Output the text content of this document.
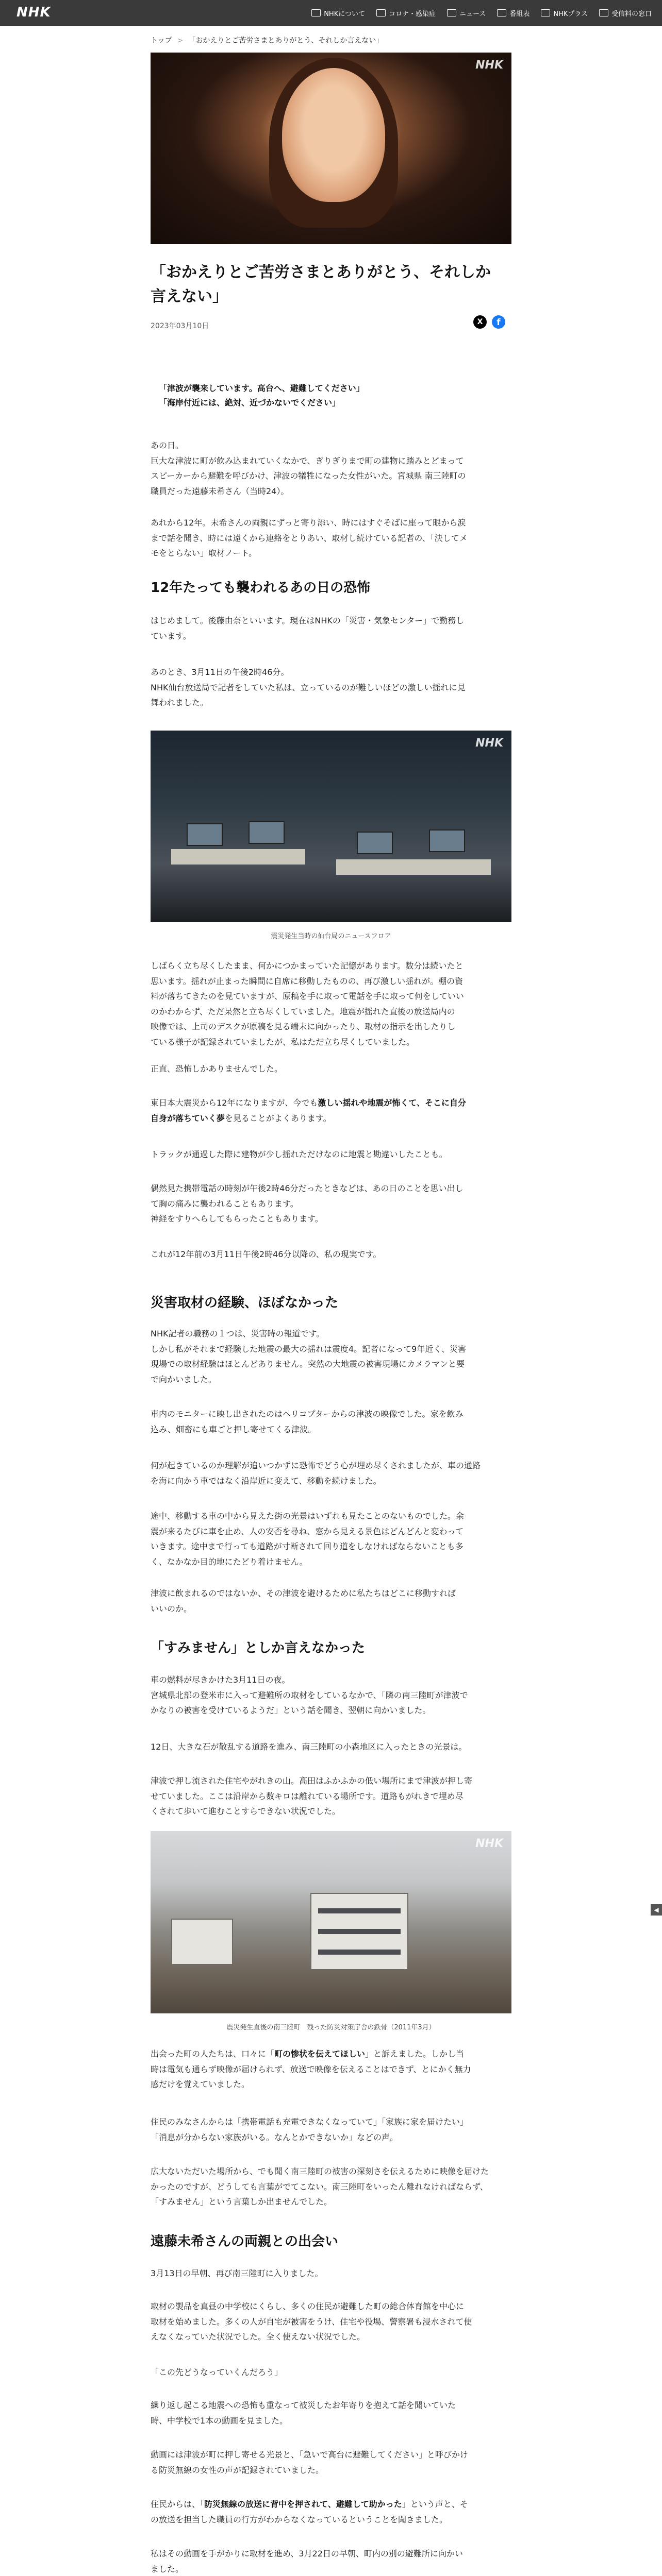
NHK	NHKについて	コロナ・感染症	ニュース	番組表	NHKプラス	受信料の窓口
トップ > 「おかえりとご苦労さまとありがとう、それしか言えない」
NHK
「おかえりとご苦労さまとありがとう、それしか
言えない」
2023年03月10日	X	f
「津波が襲来しています。高台へ、避難してください」
「海岸付近には、絶対、近づかないでください」
あの日。
巨大な津波に町が飲み込まれていくなかで、ぎりぎりまで町の建物に踏みとどまって
スピーカーから避難を呼びかけ、津波の犠牲になった女性がいた。宮城県 南三陸町の
職員だった遠藤未希さん（当時24）。
あれから12年。未希さんの両親にずっと寄り添い、時にはすぐそばに座って眼から涙
まで話を聞き、時には遠くから連絡をとりあい、取材し続けている記者の、「決してメ
モをとらない」取材ノート。
12年たっても襲われるあの日の恐怖
はじめまして。後藤由奈といいます。現在はNHKの「災害・気象センター」で勤務し
ています。
あのとき、3月11日の午後2時46分。
NHK仙台放送局で記者をしていた私は、立っているのが難しいほどの激しい揺れに見
舞われました。
NHK
震災発生当時の仙台局のニュースフロア
しばらく立ち尽くしたまま、何かにつかまっていた記憶があります。数分は続いたと
思います。揺れが止まった瞬間に自席に移動したものの、再び激しい揺れが。棚の資
料が落ちてきたのを見ていますが、原稿を手に取って電話を手に取って何をしていい
のかわからず、ただ呆然と立ち尽くしていました。地震が揺れた直後の放送局内の
映像では、上司のデスクが原稿を見る端末に向かったり、取材の指示を出したりし
ている様子が記録されていましたが、私はただ立ち尽くしていました。
正直、恐怖しかありませんでした。
東日本大震災から12年になりますが、今でも激しい揺れや地震が怖くて、そこに自分
自身が落ちていく夢を見ることがよくあります。
トラックが通過した際に建物が少し揺れただけなのに地震と勘違いしたことも。
偶然見た携帯電話の時刻が午後2時46分だったときなどは、あの日のことを思い出し
て胸の痛みに襲われることもあります。
神経をすりへらしてもらったこともあります。
これが12年前の3月11日午後2時46分以降の、私の現実です。
災害取材の経験、ほぼなかった
NHK記者の職務の１つは、災害時の報道です。
しかし私がそれまで経験した地震の最大の揺れは震度4。記者になって9年近く、災害
現場での取材経験はほとんどありません。突然の大地震の被害現場にカメラマンと要
で向かいました。
車内のモニターに映し出されたのはヘリコプターからの津波の映像でした。家を飲み
込み、畑畜にも車ごと押し寄せてくる津波。
何が起きているのか理解が追いつかずに恐怖でどう心が埋め尽くされましたが、車の通路
を海に向かう車ではなく沿岸近に変えて、移動を続けました。
途中、移動する車の中から見えた街の光景はいずれも見たことのないものでした。余
震が来るたびに車を止め、人の安否を尋ね、窓から見える景色はどんどんと変わって
いきます。途中まで行っても道路が寸断されて回り道をしなければならないことも多
く、なかなか目的地にたどり着けません。
津波に飲まれるのではないか、その津波を避けるために私たちはどこに移動すれば
いいのか。
「すみません」としか言えなかった
車の燃料が尽きかけた3月11日の夜。
宮城県北部の登米市に入って避難所の取材をしているなかで、「隣の南三陸町が津波で
かなりの被害を受けているようだ」という話を聞き、翌朝に向かいました。
12日、大きな石が散乱する道路を進み、南三陸町の小森地区に入ったときの光景は。
津波で押し流された住宅やがれきの山。高田はふかふかの低い場所にまで津波が押し寄
せていました。ここは沿岸から数キロは離れている場所です。道路もがれきで埋め尽
くされて歩いて進むことすらできない状況でした。
NHK
震災発生直後の南三陸町　残った防災対策庁舎の鉄骨（2011年3月）
出会った町の人たちは、口々に「町の惨状を伝えてほしい」と訴えました。しかし当
時は電気も通らず映像が届けられず、放送で映像を伝えることはできず、とにかく無力
感だけを覚えていました。
住民のみなさんからは「携帯電話も充電できなくなっていて」「家族に家を届けたい」
「消息が分からない家族がいる。なんとかできないか」などの声。
広大ないただいた場所から、でも聞く南三陸町の被害の深刻さを伝えるために映像を届けた
かったのですが、どうしても言葉がでてこない。南三陸町をいったん離れなければならず、
「すみません」という言葉しか出ませんでした。
遠藤未希さんの両親との出会い
3月13日の早朝、再び南三陸町に入りました。
取材の製品を真昼の中学校にくらし、多くの住民が避難した町の総合体育館を中心に
取材を始めました。多くの人が自宅が被害をうけ、住宅や役場、警察署も浸水されて使
えなくなっていた状況でした。全く使えない状況でした。
「この先どうなっていくんだろう」
繰り返し起こる地震への恐怖も重なって被災したお年寄りを抱えて話を聞いていた
時、中学校で1本の動画を見ました。
動画には津波が町に押し寄せる光景と、「急いで高台に避難してください」と呼びかけ
る防災無線の女性の声が記録されていました。
住民からは、「防災無線の放送に背中を押されて、避難して助かった」という声と、そ
の放送を担当した職員の行方がわからなくなっているということを聞きました。
私はその動画を手がかりに取材を進め、3月22日の早朝、町内の別の避難所に向かい
ました。
◀
